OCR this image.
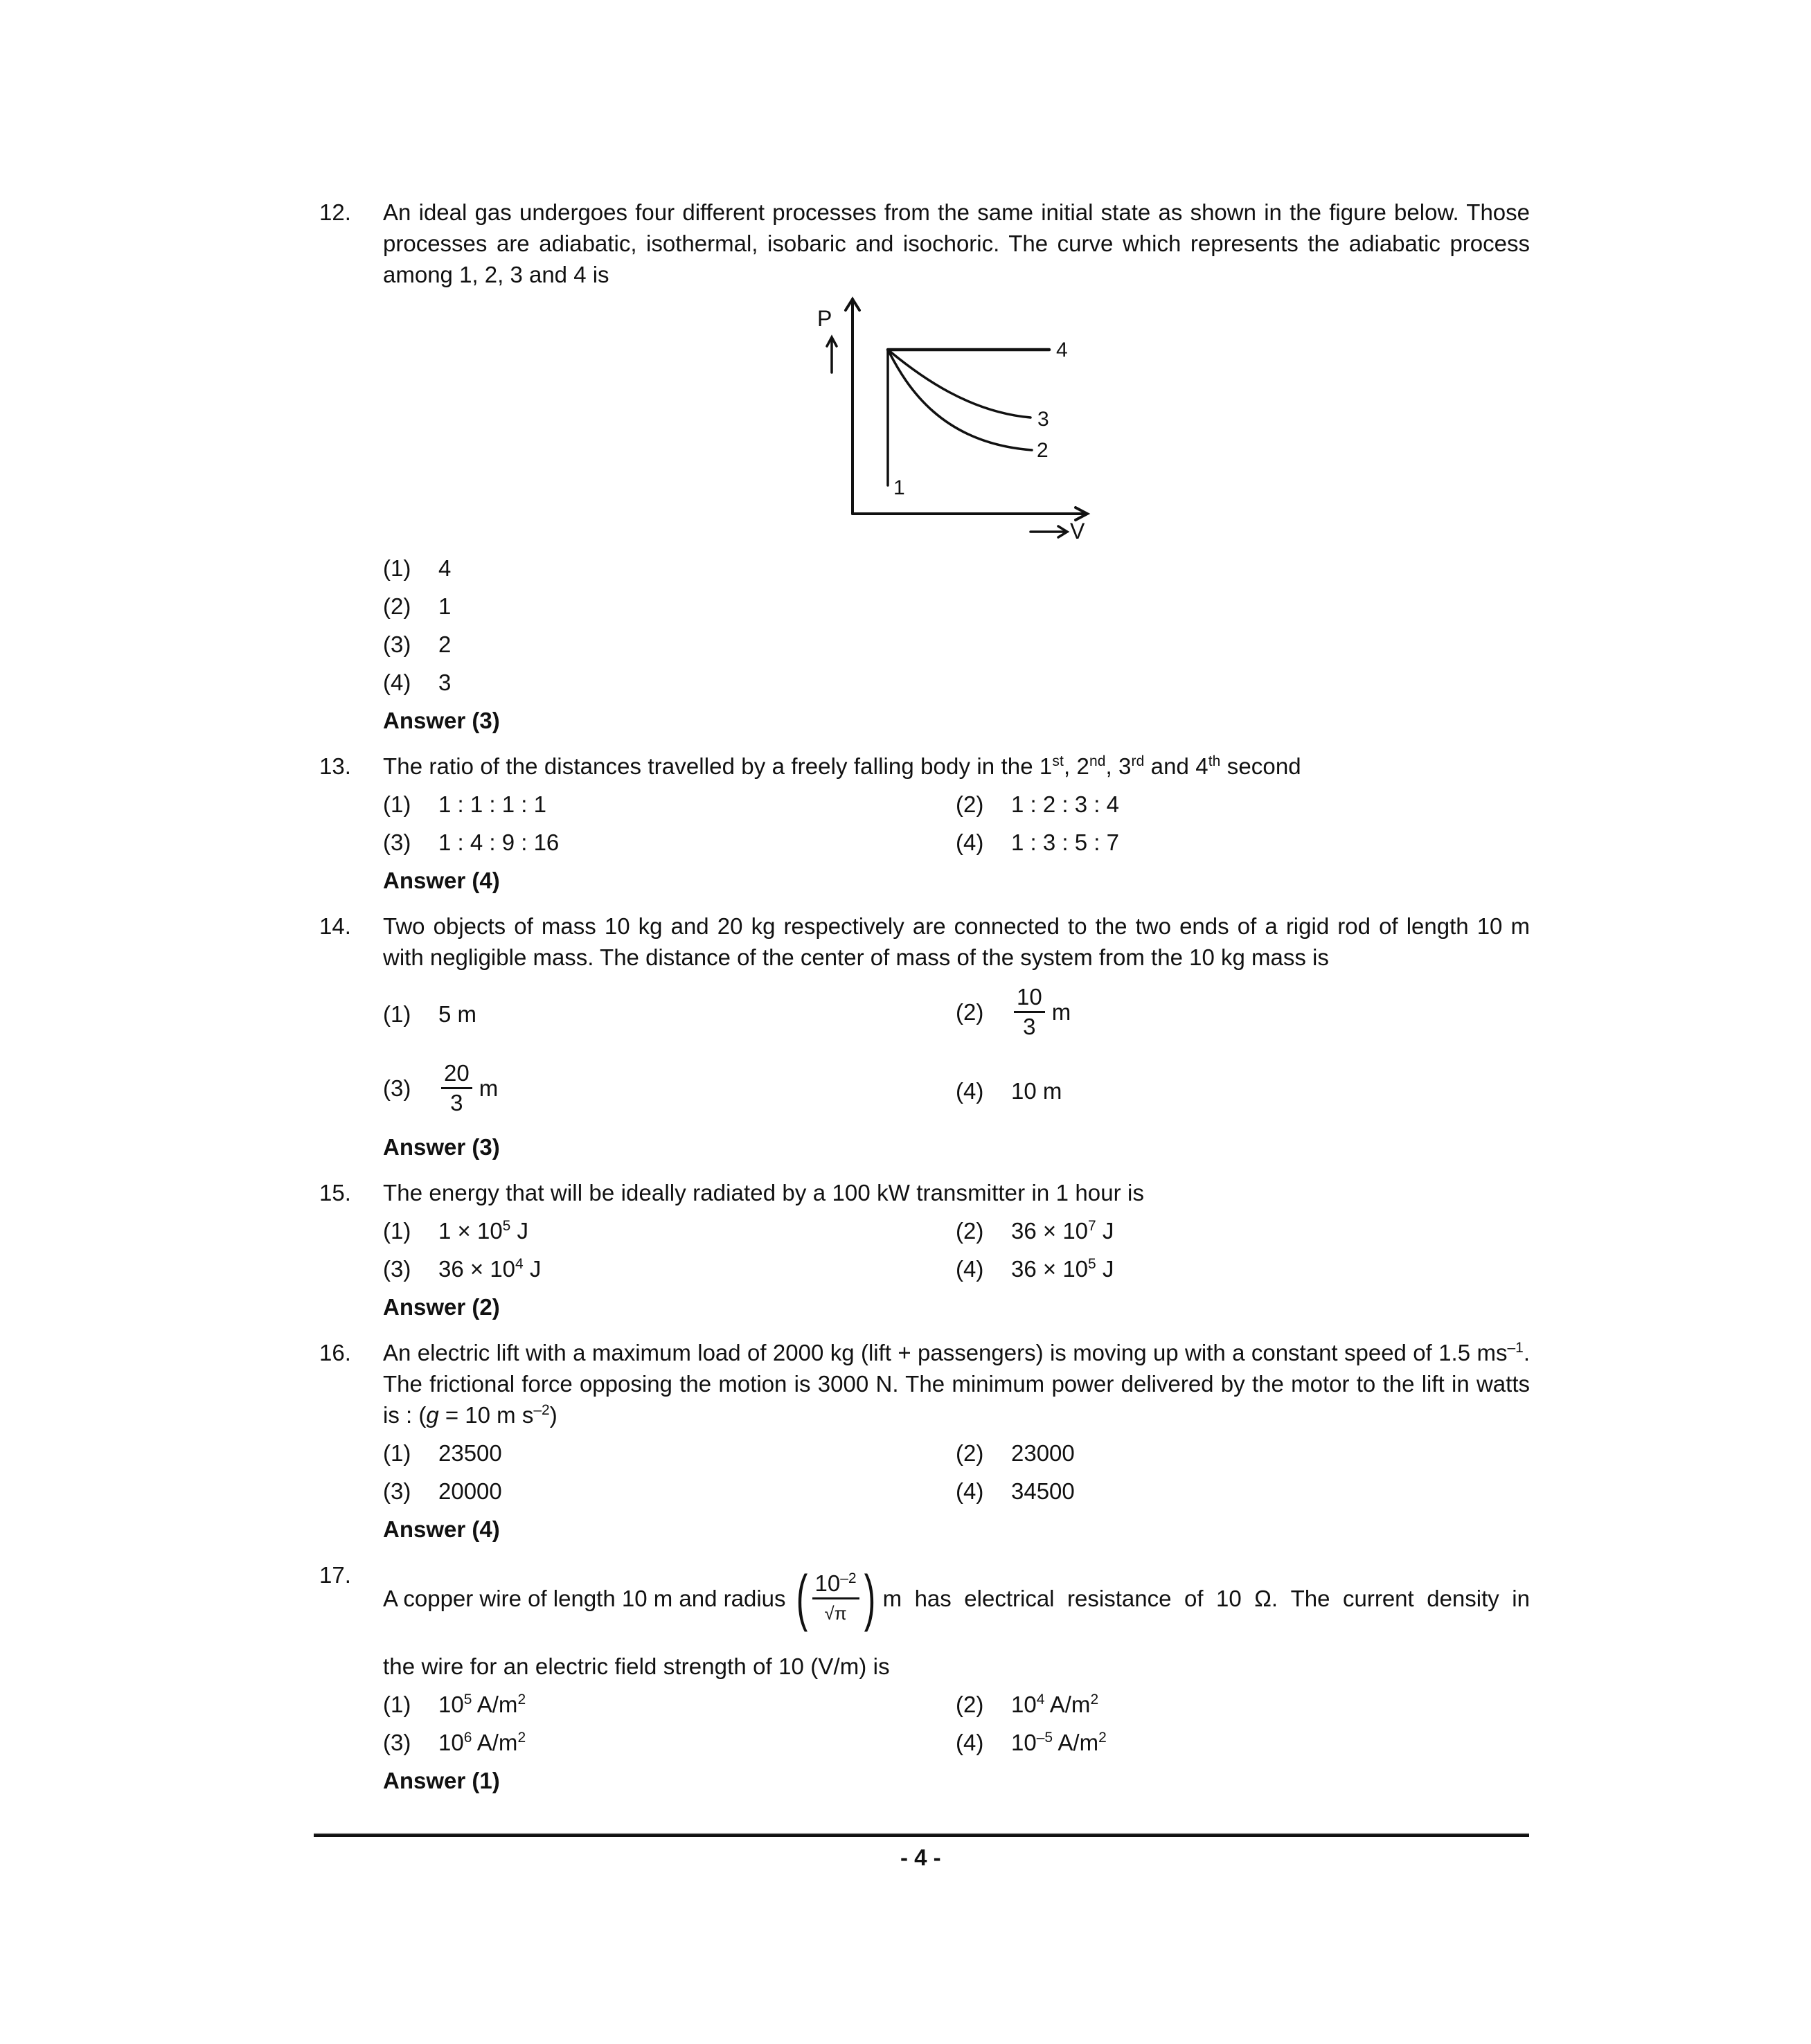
12. An ideal gas undergoes four different processes from the same initial state as shown in the figure below. Those processes are adiabatic, isothermal, isobaric and isochoric. The curve which represents the adiabatic process among 1, 2, 3 and 4 is
P
V
1
2
3
4
(1) 4
(2) 1
(3) 2
(4) 3
Answer (3)
13. The ratio of the distances travelled by a freely falling body in the 1st, 2nd, 3rd and 4th second
(1) 1 : 1 : 1 : 1	(2) 1 : 2 : 3 : 4
(3) 1 : 4 : 9 : 16	(4) 1 : 3 : 5 : 7
Answer (4)
14. Two objects of mass 10 kg and 20 kg respectively are connected to the two ends of a rigid rod of length 10 m with negligible mass. The distance of the center of mass of the system from the 10 kg mass is
(1) 5 m	(2)	$\frac{10}{3}$ m
(3)	$\frac{20}{3}$ m	(4) 10 m
Answer (3)
15. The energy that will be ideally radiated by a 100 kW transmitter in 1 hour is
(1) $1 \times 10^5$ J	(2) $36 \times 10^7$ J
(3) $36 \times 10^4$ J	(4) $36 \times 10^5$ J
Answer (2)
16. An electric lift with a maximum load of 2000 kg (lift + passengers) is moving up with a constant speed of 1.5 $ms^{-1}$. The frictional force opposing the motion is 3000 N. The minimum power delivered by the motor to the lift in watts is : (g = 10 m $s^{-2}$)
(1) 23500	(2) 23000
(3) 20000	(4) 34500
Answer (4)
17.
A copper wire of length 10 m and radius ( $\frac{10^{-2}}{√\pi}$ ) m has electrical resistance of 10 Ω. The current density in
the wire for an electric field strength of 10 (V/m) is
(1) $10^5$ $A/m^2$	(2) $10^4$ $A/m^2$
(3) $10^6$ $A/m^2$	(4) $10^{-5}$ $A/m^2$
Answer (1)
- 4 -
